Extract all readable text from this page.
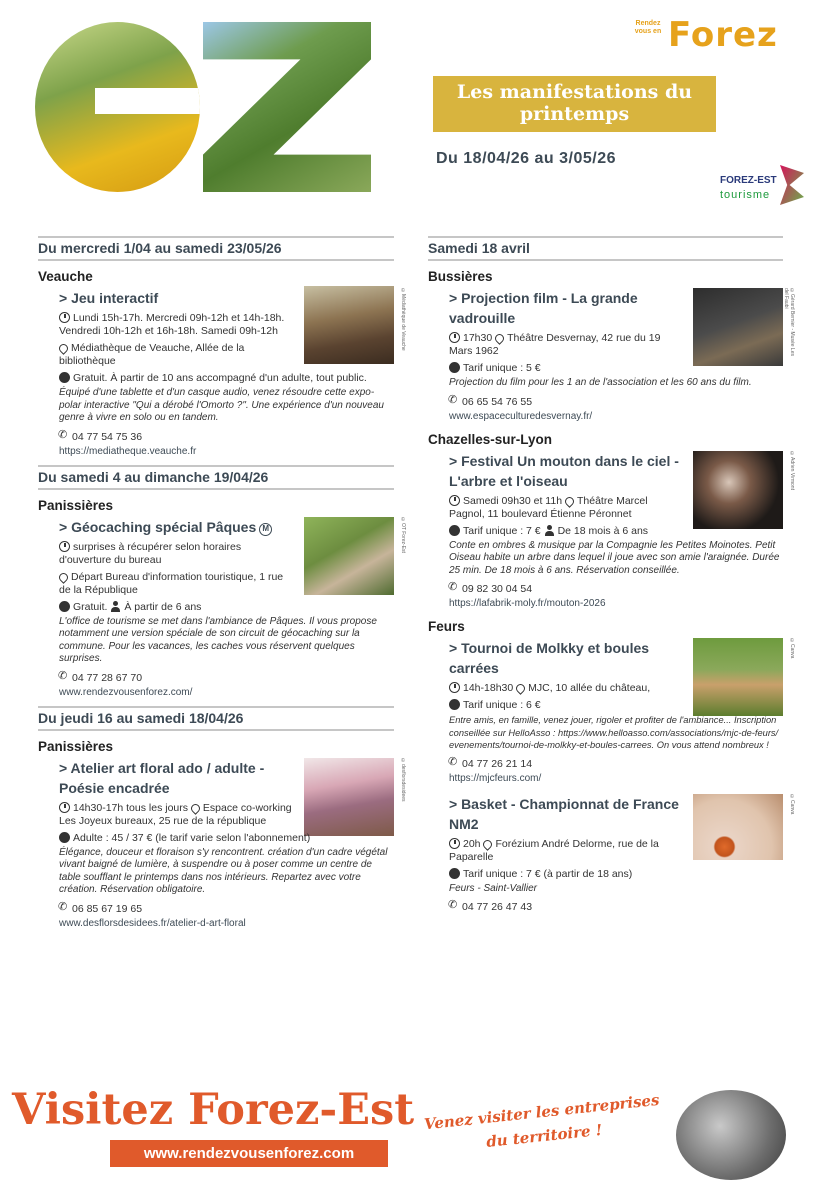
Rendez vous en Forez
Les manifestations du printemps
Du 18/04/26 au 3/05/26
FOREZ-EST
tourisme
Du mercredi 1/04 au samedi 23/05/26
Veauche
> Jeu interactif
Lundi 15h-17h. Mercredi 09h-12h et 14h-18h. Vendredi 10h-12h et 16h-18h. Samedi 09h-12h
Médiathèque de Veauche, Allée de la bibliothèque
©Médiathèque de Veauche
Gratuit. À partir de 10 ans accompagné d'un adulte, tout public.
Équipé d'une tablette et d'un casque audio, venez résoudre cette expo-polar interactive "Qui a dérobé l'Omorto ?". Une expérience d'un nouveau genre à vivre en solo ou en tandem.
✆04 77 54 75 36
https://mediatheque.veauche.fr
Du samedi 4 au dimanche 19/04/26
Panissières
> Géocaching spécial Pâques M
surprises à récupérer selon horaires d'ouverture du bureau
Départ Bureau d'information touristique, 1 rue de la République
©OT Forez-Est
Gratuit. À partir de 6 ans
L'office de tourisme se met dans l'ambiance de Pâques. Il vous propose notamment une version spéciale de son circuit de géocaching sur la commune. Pour les vacances, les caches vous réservent quelques surprises.
✆04 77 28 67 70
www.rendezvousenforez.com/
Du jeudi 16 au samedi 18/04/26
Panissières
> Atelier art floral ado / adulte - Poésie encadrée
14h30-17h tous les jours Espace co-working Les Joyeux bureaux, 25 rue de la république
©desflorsdesidees
Adulte : 45 / 37 € (le tarif varie selon l'abonnement)
Élégance, douceur et floraison s'y rencontrent. création d'un cadre végétal vivant baigné de lumière, à suspendre ou à poser comme un centre de table soufflant le printemps dans nos intérieurs. Repartez avec votre création. Réservation obligatoire.
✆06 85 67 19 65
www.desflorsdesidees.fr/atelier-d-art-floral
Samedi 18 avril
Bussières
> Projection film - La grande vadrouille
17h30 Théâtre Desvernay, 42 rue du 19 Mars 1962	©Gérard Bernier - Musée Les del Faubi
Tarif unique : 5 €
Projection du film pour les 1 an de l'association et les 60 ans du film.
✆06 65 54 76 55
www.espaceculturedesvernay.fr/
Chazelles-sur-Lyon
> Festival Un mouton dans le ciel - L'arbre et l'oiseau
Samedi 09h30 et 11h Théâtre Marcel Pagnol, 11 boulevard Étienne Péronnet
©Adrien Virmont
Tarif unique : 7 € De 18 mois à 6 ans
Conte en ombres & musique par la Compagnie les Petites Moinotes. Petit Oiseau habite un arbre dans lequel il joue avec son amie l'araignée. Durée 25 min. De 18 mois à 6 ans. Réservation conseillée.
✆09 82 30 04 54
https://lafabrik-moly.fr/mouton-2026
Feurs
> Tournoi de Molkky et boules carrées
14h-18h30 MJC, 10 allée du château,
©Canva
Tarif unique : 6 €
Entre amis, en famille, venez jouer, rigoler et profiter de l'ambiance... Inscription conseillée sur HelloAsso : https://www.helloasso.com/associations/mjc-de-feurs/evenements/tournoi-de-molkky-et-boules-carrees. On vous attend nombreux !
✆04 77 26 21 14
https://mjcfeurs.com/
> Basket - Championnat de France NM2
20h Forézium André Delorme, rue de la Paparelle
©Canva
Tarif unique : 7 € (à partir de 18 ans)
Feurs - Saint-Vallier
✆04 77 26 47 43
Visitez Forez-Est
www.rendezvousenforez.com
Venez visiter les entreprises du territoire !
